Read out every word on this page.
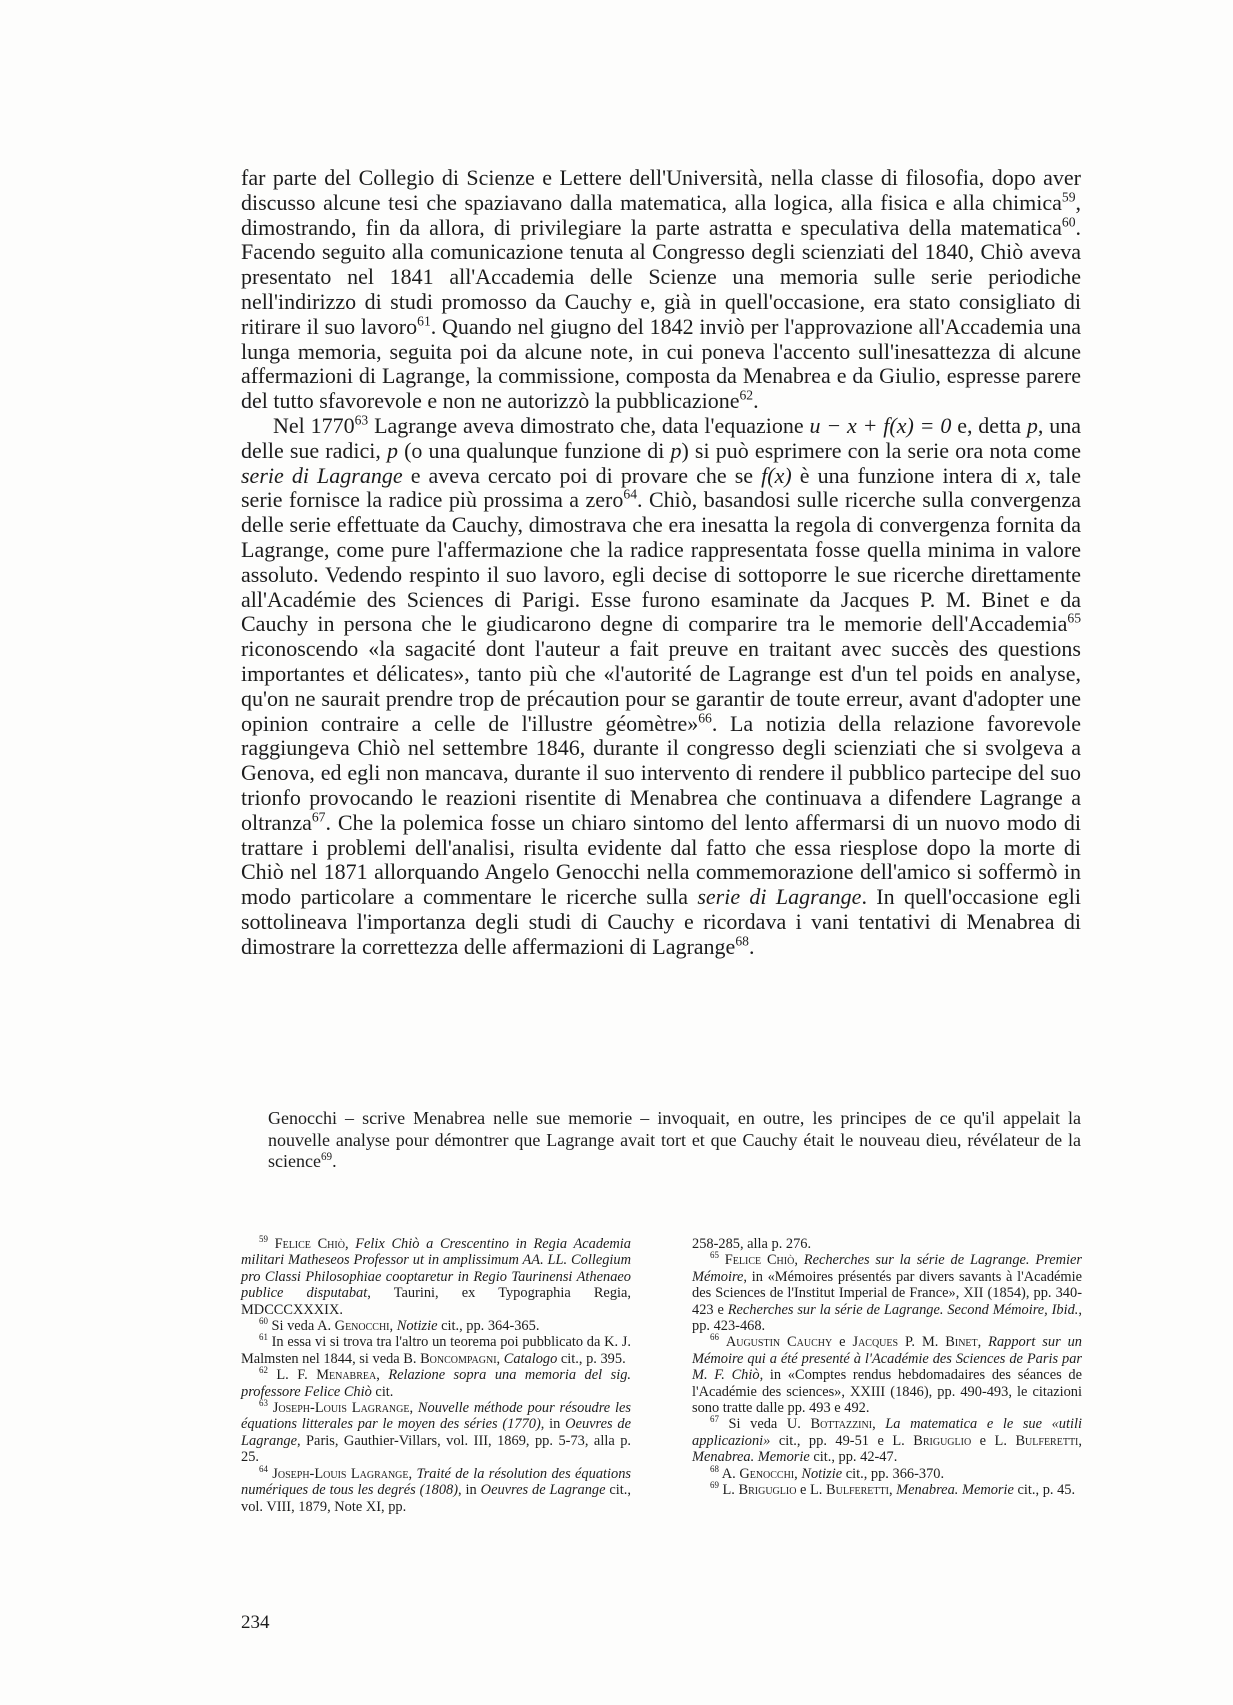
far parte del Collegio di Scienze e Lettere dell'Università, nella classe di filosofia, dopo aver discusso alcune tesi che spaziavano dalla matematica, alla logica, alla fisica e alla chimica$^{59}$, dimostrando, fin da allora, di privilegiare la parte astratta e speculativa della matematica$^{60}$. Facendo seguito alla comunicazione tenuta al Congresso degli scienziati del 1840, Chiò aveva presentato nel 1841 all'Accademia delle Scienze una memoria sulle serie periodiche nell'indirizzo di studi promosso da Cauchy e, già in quell'occasione, era stato consigliato di ritirare il suo lavoro$^{61}$. Quando nel giugno del 1842 inviò per l'approvazione all'Accademia una lunga memoria, seguita poi da alcune note, in cui poneva l'accento sull'inesattezza di alcune affermazioni di Lagrange, la commissione, composta da Menabrea e da Giulio, espresse parere del tutto sfavorevole e non ne autorizzò la pubblicazione$^{62}$.

Nel 1770$^{63}$ Lagrange aveva dimostrato che, data l'equazione u − x + f(x) = 0 e, detta p, una delle sue radici, p (o una qualunque funzione di p) si può esprimere con la serie ora nota come serie di Lagrange e aveva cercato poi di provare che se f(x) è una funzione intera di x, tale serie fornisce la radice più prossima a zero$^{64}$. Chiò, basandosi sulle ricerche sulla convergenza delle serie effettuate da Cauchy, dimostrava che era inesatta la regola di convergenza fornita da Lagrange, come pure l'affermazione che la radice rappresentata fosse quella minima in valore assoluto. Vedendo respinto il suo lavoro, egli decise di sottoporre le sue ricerche direttamente all'Académie des Sciences di Parigi. Esse furono esaminate da Jacques P. M. Binet e da Cauchy in persona che le giudicarono degne di comparire tra le memorie dell'Accademia$^{65}$ riconoscendo «la sagacité dont l'auteur a fait preuve en traitant avec succès des questions importantes et délicates», tanto più che «l'autorité de Lagrange est d'un tel poids en analyse, qu'on ne saurait prendre trop de précaution pour se garantir de toute erreur, avant d'adopter une opinion contraire a celle de l'illustre géomètre»$^{66}$. La notizia della relazione favorevole raggiungeva Chiò nel settembre 1846, durante il congresso degli scienziati che si svolgeva a Genova, ed egli non mancava, durante il suo intervento di rendere il pubblico partecipe del suo trionfo provocando le reazioni risentite di Menabrea che continuava a difendere Lagrange a oltranza$^{67}$. Che la polemica fosse un chiaro sintomo del lento affermarsi di un nuovo modo di trattare i problemi dell'analisi, risulta evidente dal fatto che essa riesplose dopo la morte di Chiò nel 1871 allorquando Angelo Genocchi nella commemorazione dell'amico si soffermò in modo particolare a commentare le ricerche sulla serie di Lagrange. In quell'occasione egli sottolineava l'importanza degli studi di Cauchy e ricordava i vani tentativi di Menabrea di dimostrare la correttezza delle affermazioni di Lagrange$^{68}$.

Genocchi – scrive Menabrea nelle sue memorie – invoquait, en outre, les principes de ce qu'il appelait la nouvelle analyse pour démontrer que Lagrange avait tort et que Cauchy était le nouveau dieu, révélateur de la science$^{69}$.

$^{59}$ Felice Chiò, Felix Chiò a Crescentino in Regia Academia militari Matheseos Professor ut in amplissimum AA. LL. Collegium pro Classi Philosophiae cooptaretur in Regio Taurinensi Athenaeo publice disputabat, Taurini, ex Typographia Regia, MDCCCXXXIX.

$^{60}$ Si veda A. Genocchi, Notizie cit., pp. 364-365.

$^{61}$ In essa vi si trova tra l'altro un teorema poi pubblicato da K. J. Malmsten nel 1844, si veda B. Boncompagni, Catalogo cit., p. 395.

$^{62}$ L. F. Menabrea, Relazione sopra una memoria del sig. professore Felice Chiò cit.

$^{63}$ Joseph-Louis Lagrange, Nouvelle méthode pour résoudre les équations litterales par le moyen des séries (1770), in Oeuvres de Lagrange, Paris, Gauthier-Villars, vol. III, 1869, pp. 5-73, alla p. 25.

$^{64}$ Joseph-Louis Lagrange, Traité de la résolution des équations numériques de tous les degrés (1808), in Oeuvres de Lagrange cit., vol. VIII, 1879, Note XI, pp.

258-285, alla p. 276.

$^{65}$ Felice Chiò, Recherches sur la série de Lagrange. Premier Mémoire, in «Mémoires présentés par divers savants à l'Académie des Sciences de l'Institut Imperial de France», XII (1854), pp. 340-423 e Recherches sur la série de Lagrange. Second Mémoire, Ibid., pp. 423-468.

$^{66}$ Augustin Cauchy e Jacques P. M. Binet, Rapport sur un Mémoire qui a été presenté à l'Académie des Sciences de Paris par M. F. Chiò, in «Comptes rendus hebdomadaires des séances de l'Académie des sciences», XXIII (1846), pp. 490-493, le citazioni sono tratte dalle pp. 493 e 492.

$^{67}$ Si veda U. Bottazzini, La matematica e le sue «utili applicazioni» cit., pp. 49-51 e L. Briguglio e L. Bulferetti, Menabrea. Memorie cit., pp. 42-47.

$^{68}$ A. Genocchi, Notizie cit., pp. 366-370.

$^{69}$ L. Briguglio e L. Bulferetti, Menabrea. Memorie cit., p. 45.

234
